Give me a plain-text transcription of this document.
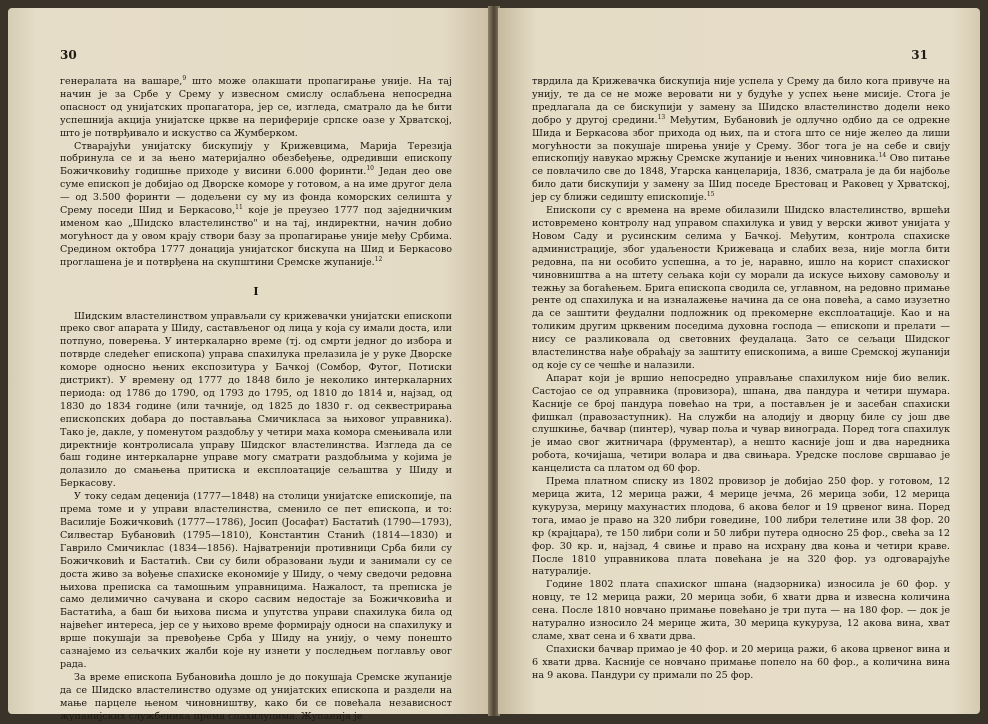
30

генералата на вашаре,$^9$ што може олакшати пропагирање уније. На тај начин је за Србе у Срему у извесном смислу ослабљена непосредна опасност од унијатских пропагатора, јер се, изгледа, сматрало да ће бити успешнија акција унијатске цркве на периферије српске оазе у Хрватској, што је потврђивало и искуство са Жумберком.

Стварајући унијатску бискупију у Крижевцима, Марија Терезија побринула се и за њено материјално обезбеђење, одредивши епископу Божичковићу годишње приходе у висини 6.000 форинти.$^{10}$ Један део ове суме епископ је добијао од Дворске коморе у готовом, а на име другог дела — од 3.500 форинти — додељени су му из фонда коморских селишта у Срему поседи Шид и Беркасово,$^{11}$ које је преузео 1777 под заједничким именом као „Шидско властелинство" и на тај, индиректни, начин добио могућност да у овом крају створи базу за пропагирање уније међу Србима. Средином октобра 1777 донација унијатског бискупа на Шид и Беркасово проглашена је и потврђена на скупштини Сремске жупаније.$^{12}$

I

Шидским властелинством управљали су крижевачки унијатски епископи преко свог апарата у Шиду, састављеног од лица у која су имали доста, или потпуно, поверења. У интеркаларно време (тј. од смрти једног до избора и потврде следећег епископа) управа спахилука прелазила је у руке Дворске коморе односно њених експозитура у Бачкој (Сомбор, Футог, Потиски дистрикт). У времену од 1777 до 1848 било је неколико интеркаларних периода: од 1786 до 1790, од 1793 до 1795, од 1810 до 1814 и, најзад, од 1830 до 1834 године (или тачније, од 1825 до 1830 г. од секвестрирања епископских добара до постављања Смичикласа за њиховог управника). Тако је, дакле, у поменутом раздобљу у четири маха комора смењивала или директније контролисала управу Шидског властелинства. Изгледа да се баш године интеркаларне управе могу сматрати раздобљима у којима је долазило до смањења притиска и експлоатације сељаштва у Шиду и Беркасову.

У току седам деценија (1777—1848) на столици унијатске епископије, па према томе и у управи властелинства, сменило се пет епископа, и то: Василије Божичковић (1777—1786), Јосип (Јосафат) Бастатић (1790—1793), Силвестар Бубановић (1795—1810), Константин Станић (1814—1830) и Гаврило Смичиклас (1834—1856). Најватренији противници Срба били су Божичковић и Бастатић. Сви су били образовани људи и занимали су се доста живо за вођење спахиске економије у Шиду, о чему сведочи редовна њихова преписка са тамошњим управницима. Нажалост, та преписка је само делимично сачувана и скоро сасвим недостаје за Божичковића и Бастатића, а баш би њихова писма и упутства управи спахилука била од највећег интереса, јер се у њихово време формирају односи на спахилуку и врше покушаји за превођење Срба у Шиду на унију, о чему понешто сазнајемо из сељачких жалби које ну изнети у последњем поглављу овог рада.

За време епископа Бубановића дошло је до покушаја Сремске жупаније да се Шидско властелинство одузме од унијатских епископа и раздели на мање парцеле њеном чиновништву, како би се повећала независност жупанијских службеника према спахилуцима. Жупанија је

31

тврдила да Крижевачка бискупија није успела у Срему да било кога привуче на унију, те да се не може веровати ни у будуће у успех њене мисије. Стога је предлагала да се бискупији у замену за Шидско властелинство додели неко добро у другој средини.$^{13}$ Међутим, Бубановић је одлучно одбио да се одрекне Шида и Беркасова због прихода од њих, па и стога што се није желео да лиши могућности за покушаје ширења уније у Срему. Због тога је на себе и свију епископију навукао мржњу Сремске жупаније и њених чиновника.$^{14}$ Ово питање се повлачило све до 1848, Угарска канцеларија, 1836, сматрала је да би најбоље било дати бискупији у замену за Шид поседе Брестовац и Раковец у Хрватској, јер су ближи седишту епископије.$^{15}$

Епископи су с времена на време обилазили Шидско властелинство, вршећи истовремено контролу над управом спахилука и увид у верски живот унијата у Новом Саду и русинским селима у Бачкој. Међутим, контрола спахиске администрације, због удаљености Крижеваца и слабих веза, није могла бити редовна, па ни особито успешна, а то је, наравно, ишло на корист спахиског чиновништва а на штету сељака који су морали да искусе њихову самовољу и тежњу за богаћењем. Брига епископа сводила се, углавном, на редовно примање ренте од спахилука и на изналажење начина да се она повећа, а само изузетно да се заштити феудални подложник од прекомерне експлоатације. Као и на толиким другим црквеним поседима духовна господа — епископи и прелати — нису се разликовала од световних феудалаца. Зато се сељаци Шидског властелинства нађе обраћају за заштиту епископима, а више Сремској жупанији од које су се чешће и налазили.

Апарат који је вршио непосредно управљање спахилуком није био велик. Састојао се од управника (провизора), шпана, два пандура и четири шумара. Касније се број пандура повећао на три, а постављен је и засебан спахиски фишкал (правозаступник). На служби на алодију и дворцу биле су још две слушкиње, бачвар (пинтер), чувар поља и чувар винограда. Поред тога спахилук је имао свог житничара (фрументар), а нешто касније још и два наредника робота, кочијаша, четири воларa и два свињара. Уредске послове свршавао је канцелиста са платом од 60 фор.

Према платном списку из 1802 провизор је добијао 250 фор. у готовом, 12 мерица жита, 12 мерица ражи, 4 мерице јечма, 26 мерица зоби, 12 мерица кукуруза, мерицу махунастих плодова, 6 акова белог и 19 црвеног вина. Поред тога, имао је право на 320 либри говедине, 100 либри телетине или 38 фор. 20 кр (крајцара), те 150 либри соли и 50 либри путера односно 25 фор., свећа за 12 фор. 30 кр. и, најзад, 4 свиње и право на исхрану два коња и четири краве. После 1810 управникова плата повећана је на 320 фор. уз одговарајуће натуралије.

Године 1802 плата спахиског шпана (надзорника) износила је 60 фор. у новцу, те 12 мерица ражи, 20 мерица зоби, 6 хвати дрва и извесна количина сена. После 1810 новчано примање повећано је три пута — на 180 фор. — док је натурално износило 24 мерице жита, 30 мерица кукуруза, 12 акова вина, хват сламе, хват сена и 6 хвати дрва.

Спахиски бачвар примао је 40 фор. и 20 мерица ражи, 6 акова црвеног вина и 6 хвати дрва. Касније се новчано примање попело на 60 фор., а количина вина на 9 акова. Пандури су примали по 25 фор.
